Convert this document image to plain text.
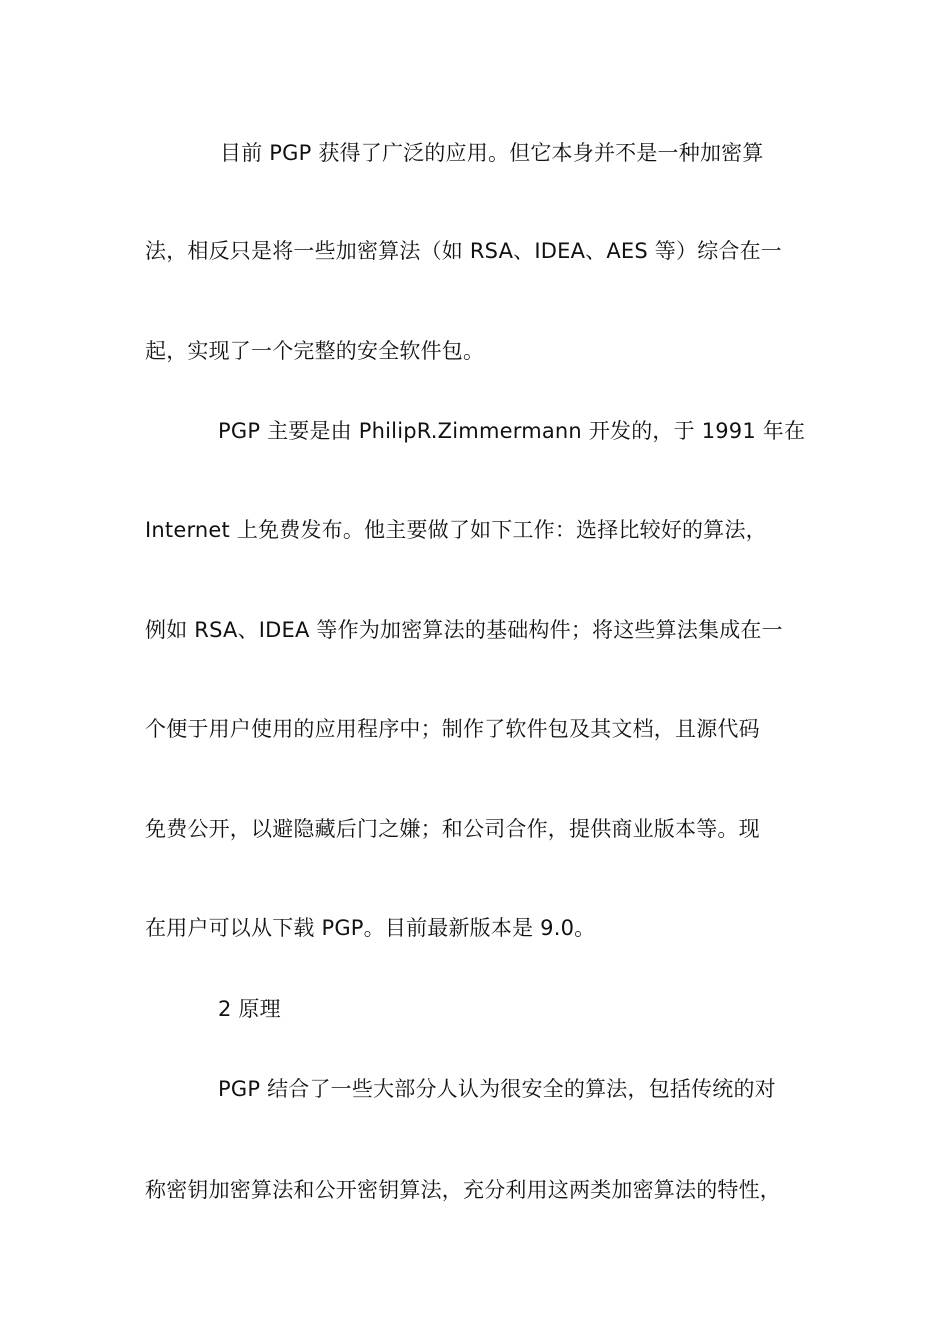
目前 PGP 获得了广泛的应用。但它本身并不是一种加密算
法，相反只是将一些加密算法（如 RSA、IDEA、AES 等）综合在一
起，实现了一个完整的安全软件包。
PGP 主要是由 PhilipR.Zimmermann 开发的，于 1991 年在
Internet 上免费发布。他主要做了如下工作：选择比较好的算法，
例如 RSA、IDEA 等作为加密算法的基础构件；将这些算法集成在一
个便于用户使用的应用程序中；制作了软件包及其文档，且源代码
免费公开，以避隐藏后门之嫌；和公司合作，提供商业版本等。现
在用户可以从下载 PGP。目前最新版本是 9.0。
2 原理
PGP 结合了一些大部分人认为很安全的算法，包括传统的对
称密钥加密算法和公开密钥算法，充分利用这两类加密算法的特性，
